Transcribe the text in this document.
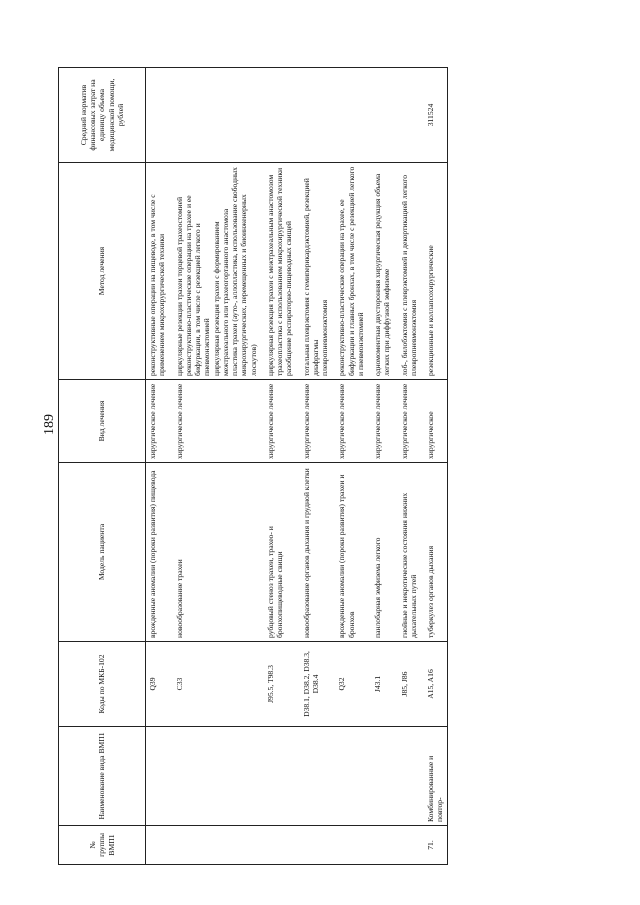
189
№ группы ВМП1	Наименование вида ВМП1	Коды по МКБ-102	Модель пациента	Вид лечения	Метод лечения	Средний норматив финансовых затрат на единицу объема медицинской помощи, рублей
		Q39	врожденные аномалии (пороки развития) пищевода	хирургическое лечение	реконструктивные операции на пищеводе, в том числе с применением микрохирургической техники	
		C33	новообразование трахеи	хирургическое лечение	циркулярные резекции трахеи торцевой трахеостомией
реконструктивно-пластические операции на трахее и ее бифуркации, в том числе с резекцией легкого и пневмонэктомией
циркулярная резекция трахеи с формированием межтрахеального или трахеогортанного анастомоза
пластика трахеи (ауто-, аллопластика, использование свободных микрохирургических, перемещенных и биоинженерных лоскутов)	
		J95.5, T98.3	рубцовый стеноз трахеи, трахео- и бронхопищеводные свищи	хирургическое лечение	циркулярная резекция трахеи с межтрахеальным анастомозом
трахеопластика с использованием микрохирургической техники
разобщение респираторно-пищеводных свищей	
		D38.1, D38.2, D38.3, D38.4	новообразование органов дыхания и грудной клетки	хирургическое лечение	тотальная плеврэктомия с гемиперикардэктомией, резекцией диафрагмы
плевропневмонэктомия	
		Q32	врожденные аномалии (пороки развития) трахеи и бронхов	хирургическое лечение	реконструктивно-пластические операции на трахее, ее бифуркации и главных бронхах, в том числе с резекцией легкого и пневмонэктомией	
		J43.1	панлобарная эмфизема легкого	хирургическое лечение	одномоментная двусторонняя хирургическая редукция объема легких при диффузной эмфиземе	
		J85, J86	гнойные и некротические состояния нижних дыхательных путей	хирургическое лечение	лоб-, билобэктомия с плеврэктомией и декортикацией легкого
плевропневмонэктомия	
71.	Комбинированные и повтор-	A15, A16	туберкулез органов дыхания	хирургическое	резекционные и коллапсохирургические	311524
